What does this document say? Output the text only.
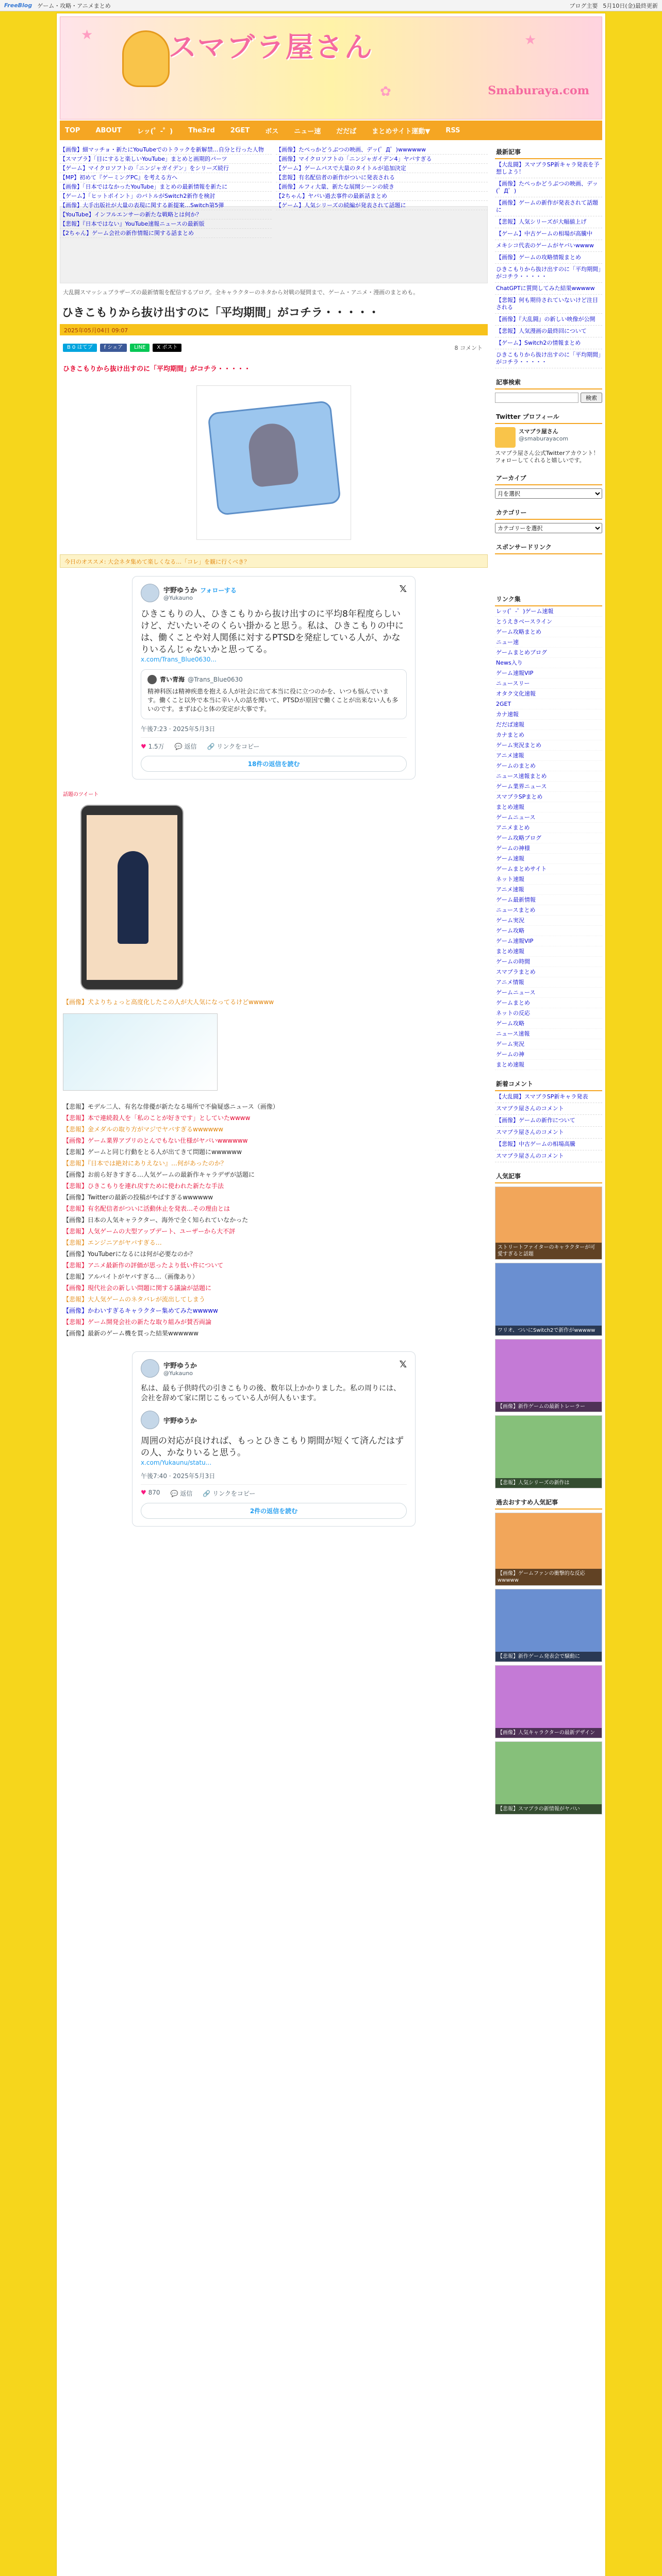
FreeBlog ゲーム・攻略・アニメまとめ	ブログ主要 5月10日(金)最終更新
★	★
✿
スマブラ屋さん
Smaburaya.com
TOP ABOUT レッ(゜-゜) The3rd 2GET ボス ニュー速 だだば まとめサイト運動▼ RSS
【画像】細マッチョ・新たにYouTubeでのトラックを新解禁…自分と行った人物
【スマブラ】「目にすると楽しいYouTube」まとめと画期的パーツ
【ゲーム】マイクロソフトの「ニンジャガイデン」をシリーズ続行
【MP】初めて『ゲーミングPC』を考える方へ
【画像】「日本ではなかったYouTube」まとめの最新情報を新たに
【ゲーム】「ヒットポイント」のバトルがSwitch2新作を検討
【画像】大手出版社が大量の表現に関する新提案…Switch第5弾
【YouTube】インフルエンサーの新たな戦略とは何か？
【悲報】『日本ではない』YouTube速報ニュースの最新版
【2ちゃん】ゲーム会社の新作情報に関する話まとめ
【画像】たぺっかどうぶつの映画、デッ(゜Д゜)wwwwww
【画像】マイクロソフトの「ニンジャガイデン4」ヤバすぎる
【ゲーム】ゲームパスで大量のタイトルが追加決定
【悲報】有名配信者の新作がついに発表される
【画像】ルフィ大量、新たな展開シーンの続き
【2ちゃん】ヤバい過去事件の最新話まとめ
【ゲーム】人気シリーズの続編が発表されて話題に
大乱闘スマッシュブラザーズの最新情報を配信するブログ。全キャラクターのネタから対戦の疑問まで、ゲーム・アニメ・漫画のまとめも。
ひきこもりから抜け出すのに「平均期間」がコチラ・・・・・
2025年05月04日 09:07
B 0 はてブ	f シェア	LINE	X ポスト	8 コメント
ひきこもりから抜け出すのに「平均期間」がコチラ・・・・・
今日のオススメ: 大会ネタ集めて楽しくなる…「コレ」を観に行くべき？
宇野ゆうか フォローする
@Yukauno
𝕏
ひきこもりの人、ひきこもりから抜け出すのに平均8年程度らしいけど、だいたいそのくらい掛かると思う。私は、ひきこもりの中には、働くことや対人関係に対するPTSDを発症している人が、かなりいるんじゃないかと思ってる。
x.com/Trans_Blue0630...
青い青海 @Trans_Blue0630
精神科医は精神疾患を抱える人が社会に出て本当に役に立つのかを、いつも悩んでいます。働くこと以外で本当に辛い人の話を聞いて、PTSDが原因で働くことが出来ない人も多いのです。まずは心と体の安定が大事です。
午後7:23 · 2025年5月3日
♥ 1.5万 💬 返信 🔗 リンクをコピー
18件の返信を読む
話題のツイート
【画像】犬よりちょっと高度化したこの人が大人気になってるけどwwwww
【悲報】モデル二人、有名な俳優が新たなる場所で不倫疑惑ニュース（画像）
【悲報】本で連続殺人を「私のことが好きです」としていたwwww
【悲報】金メダルの取り方がマジでヤバすぎるwwwwww
【画像】ゲーム業界アプリのとんでもない仕様がヤバいwwwwww
【悲報】ゲームと同じ行動をとる人が出てきて問題にwwwwww
【悲報】『日本では絶対にありえない』…何があったのか？
【画像】お前ら好きすぎる…人気ゲームの最新作キャラデザが話題に
【悲報】ひきこもりを連れ戻すために使われた新たな手法
【画像】Twitterの最新の投稿がやばすぎるwwwwww
【悲報】有名配信者がついに活動休止を発表…その理由とは
【画像】日本の人気キャラクター、海外で全く知られていなかった
【悲報】人気ゲームの大型アップデート、ユーザーから大不評
【悲報】エンジニアがヤバすぎる…
【画像】YouTuberになるには何が必要なのか？
【悲報】アニメ最新作の評価が思ったより低い件について
【悲報】アルバイトがヤバすぎる…（画像あり）
【画像】現代社会の新しい問題に関する議論が話題に
【悲報】大人気ゲームのネタバレが流出してしまう
【画像】かわいすぎるキャラクター集めてみたwwwww
【悲報】ゲーム開発会社の新たな取り組みが賛否両論
【画像】最新のゲーム機を買った結果wwwwww
宇野ゆうか
@Yukauno
𝕏
私は、最も子供時代の引きこもりの後、数年以上かかりました。私の周りには、会社を辞めて家に閉じこもっている人が何人もいます。
宇野ゆうか
周囲の対応が良ければ、もっとひきこもり期間が短くて済んだはずの人、かなりいると思う。
x.com/Yukaunu/statu...
午後7:40 · 2025年5月3日
♥ 870 💬 返信 🔗 リンクをコピー
2件の返信を読む
最新記事
【大乱闘】スマブラSP新キャラ発表を予想しよう！
【画像】たぺっかどうぶつの映画、デッ(゜Д゜)
【画像】ゲームの新作が発表されて話題に
【悲報】人気シリーズが大幅値上げ
【ゲーム】中古ゲームの相場が高騰中
メキシコ代表のゲームがヤバいwwww
【画像】ゲームの攻略情報まとめ
ひきこもりから抜け出すのに「平均期間」がコチラ・・・・・
ChatGPTに質問してみた結果wwwww
【悲報】何も期待されていないけど注目される
【画像】『大乱闘』の新しい映像が公開
【悲報】人気漫画の最終回について
【ゲーム】Switch2の情報まとめ
ひきこもりから抜け出すのに「平均期間」がコチラ・・・・・
記事検索
検索
Twitter プロフィール
スマブラ屋さん
@smaburayacom
スマブラ屋さん公式Twitterアカウント！フォローしてくれると嬉しいです。
アーカイブ
月を選択
カテゴリー
カテゴリーを選択
スポンサードリンク
リンク集
レッ(゜-゜)ゲーム速報
とうえきベースライン
ゲーム攻略まとめ
ニュー速
ゲームまとめブログ
News入り
ゲーム速報VIP
ニュースリー
オタク文化速報
2GET
カナ速報
だだば速報
カナまとめ
ゲーム実況まとめ
アニメ速報
ゲームのまとめ
ニュース速報まとめ
ゲーム業界ニュース
スマブラSPまとめ
まとめ速報
ゲームニュース
アニメまとめ
ゲーム攻略ブログ
ゲームの神様
ゲーム速報
ゲームまとめサイト
ネット速報
アニメ速報
ゲーム最新情報
ニュースまとめ
ゲーム実況
ゲーム攻略
ゲーム速報VIP
まとめ速報
ゲームの時間
スマブラまとめ
アニメ情報
ゲームニュース
ゲームまとめ
ネットの反応
ゲーム攻略
ニュース速報
ゲーム実況
ゲームの神
まとめ速報
新着コメント
【大乱闘】スマブラSP新キャラ発表
スマブラ屋さんのコメント
【画像】ゲームの新作について
スマブラ屋さんのコメント
【悲報】中古ゲームの相場高騰
スマブラ屋さんのコメント
人気記事
ストリートファイターのキャラクターが可愛すぎると話題
ワリオ、ついにSwitch2で新作がwwwww
【画像】新作ゲームの最新トレーラー
【悲報】人気シリーズの新作は
過去おすすめ人気記事
【画像】ゲームファンの衝撃的な反応wwwww
【悲報】新作ゲーム発表会で騒動に
【画像】人気キャラクターの最新デザイン
【悲報】スマブラの新情報がヤバい
